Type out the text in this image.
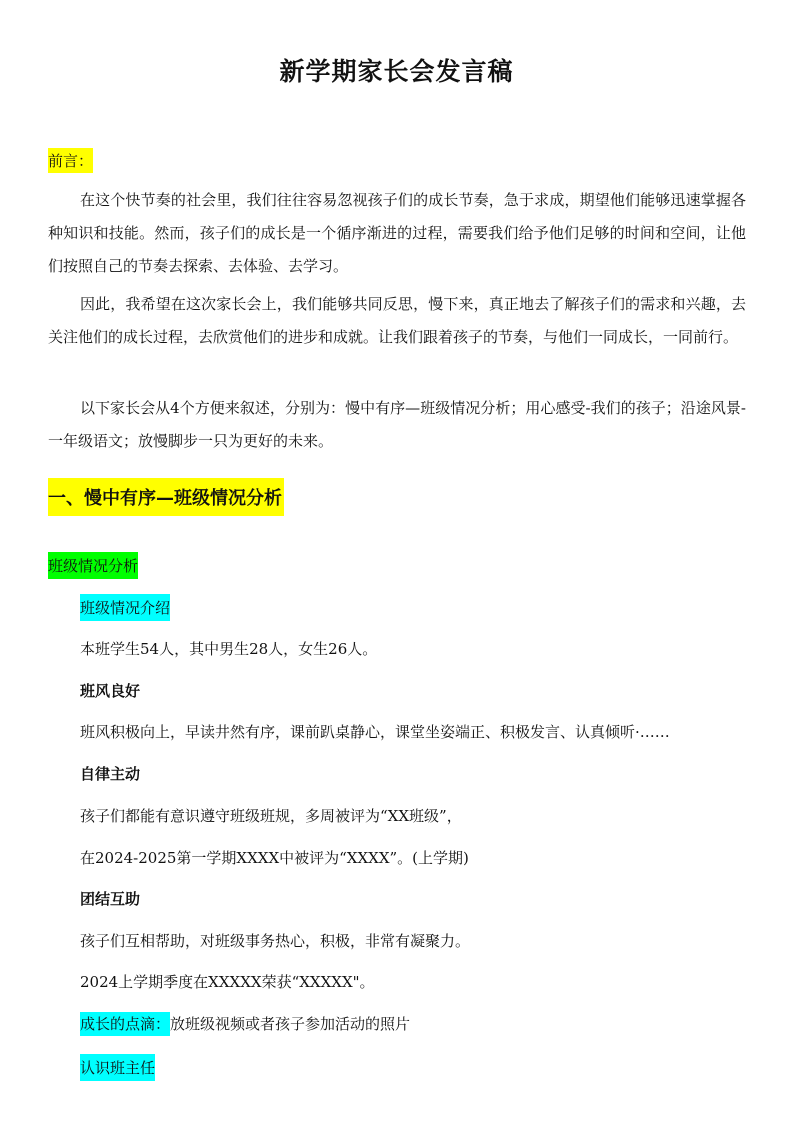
新学期家长会发言稿
前言：
在这个快节奏的社会里，我们往往容易忽视孩子们的成长节奏，急于求成，期望他们能够迅速掌握各种知识和技能。然而，孩子们的成长是一个循序渐进的过程，需要我们给予他们足够的时间和空间，让他们按照自己的节奏去探索、去体验、去学习。
因此，我希望在这次家长会上，我们能够共同反思，慢下来，真正地去了解孩子们的需求和兴趣，去关注他们的成长过程，去欣赏他们的进步和成就。让我们跟着孩子的节奏，与他们一同成长，一同前行。
以下家长会从4个方便来叙述，分别为：慢中有序—班级情况分析；用心感受-我们的孩子；沿途风景-一年级语文；放慢脚步一只为更好的未来。
一、慢中有序—班级情况分析
班级情况分析
班级情况介绍
本班学生54人，其中男生28人，女生26人。
班风良好
班风积极向上，早读井然有序，课前趴桌静心，课堂坐姿端正、积极发言、认真倾听·……
自律主动
孩子们都能有意识遵守班级班规，多周被评为“XX班级”，
在2024-2025第一学期XXXX中被评为“XXXX”。(上学期)
团结互助
孩子们互相帮助，对班级事务热心，积极，非常有凝聚力。
2024上学期季度在XXXXX荣获“XXXXX"。
成长的点滴：放班级视频或者孩子参加活动的照片
认识班主任
